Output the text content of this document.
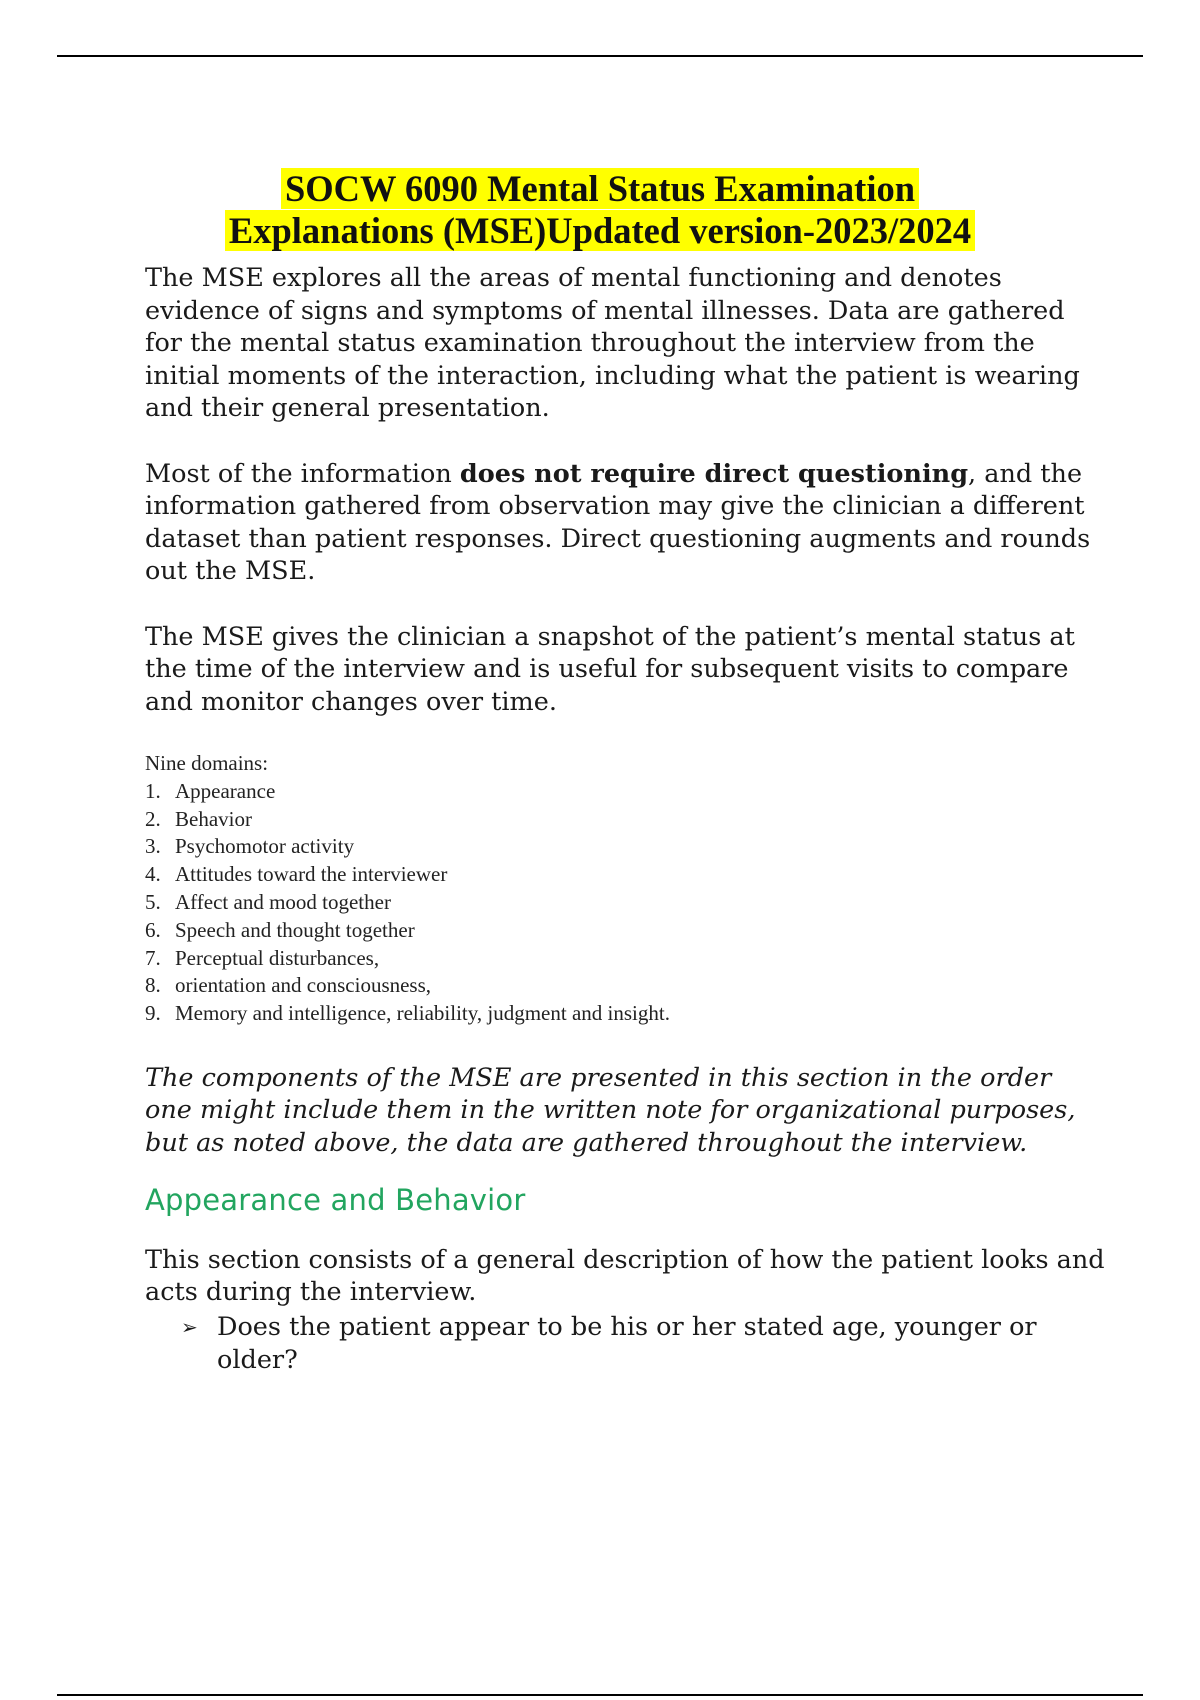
SOCW 6090 Mental Status Examination
Explanations (MSE)Updated version-2023/2024

The MSE explores all the areas of mental functioning and denotes evidence of signs and symptoms of mental illnesses. Data are gathered for the mental status examination throughout the interview from the initial moments of the interaction, including what the patient is wearing and their general presentation.

Most of the information does not require direct questioning, and the information gathered from observation may give the clinician a different dataset than patient responses. Direct questioning augments and rounds out the MSE.

The MSE gives the clinician a snapshot of the patient’s mental status at the time of the interview and is useful for subsequent visits to compare and monitor changes over time.

Nine domains:
1. Appearance
2. Behavior
3. Psychomotor activity
4. Attitudes toward the interviewer
5. Affect and mood together
6. Speech and thought together
7. Perceptual disturbances,
8. orientation and consciousness,
9. Memory and intelligence, reliability, judgment and insight.

The components of the MSE are presented in this section in the order one might include them in the written note for organizational purposes, but as noted above, the data are gathered throughout the interview.

Appearance and Behavior

This section consists of a general description of how the patient looks and acts during the interview.

➢ Does the patient appear to be his or her stated age, younger or older?
